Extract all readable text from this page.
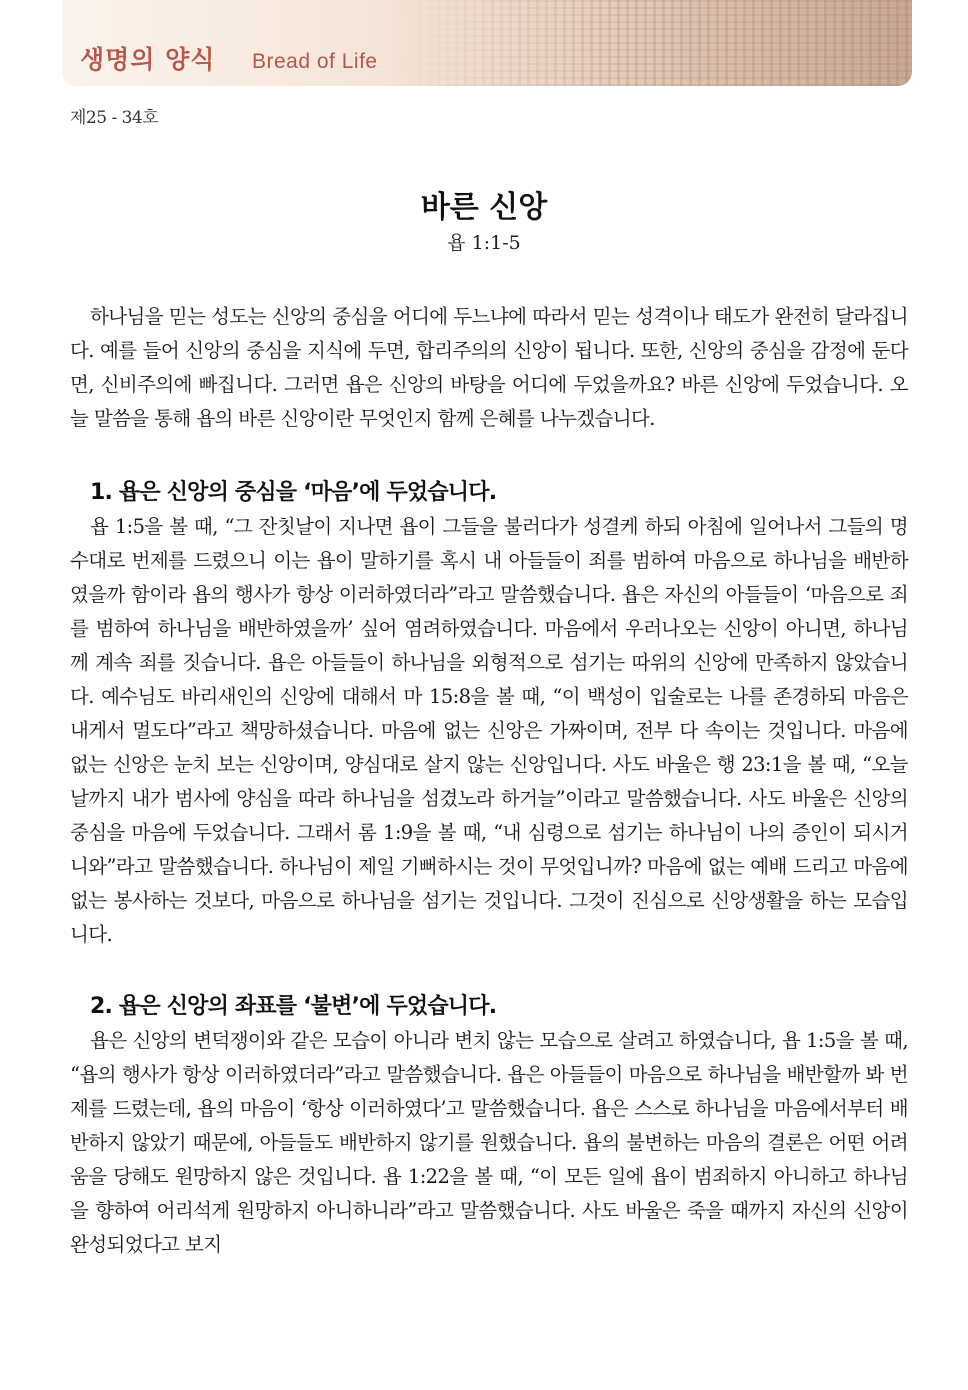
생명의 양식 Bread of Life
제25 - 34호
바른 신앙
욥 1:1-5

하나님을 믿는 성도는 신앙의 중심을 어디에 두느냐에 따라서 믿는 성격이나 태도가 완전히 달라집니다. 예를 들어 신앙의 중심을 지식에 두면, 합리주의의 신앙이 됩니다. 또한, 신앙의 중심을 감정에 둔다면, 신비주의에 빠집니다. 그러면 욥은 신앙의 바탕을 어디에 두었을까요? 바른 신앙에 두었습니다. 오늘 말씀을 통해 욥의 바른 신앙이란 무엇인지 함께 은혜를 나누겠습니다.

1. 욥은 신앙의 중심을 ‘마음’에 두었습니다.

욥 1:5을 볼 때, “그 잔칫날이 지나면 욥이 그들을 불러다가 성결케 하되 아침에 일어나서 그들의 명수대로 번제를 드렸으니 이는 욥이 말하기를 혹시 내 아들들이 죄를 범하여 마음으로 하나님을 배반하였을까 함이라 욥의 행사가 항상 이러하였더라”라고 말씀했습니다. 욥은 자신의 아들들이 ‘마음으로 죄를 범하여 하나님을 배반하였을까’ 싶어 염려하였습니다. 마음에서 우러나오는 신앙이 아니면, 하나님께 계속 죄를 짓습니다. 욥은 아들들이 하나님을 외형적으로 섬기는 따위의 신앙에 만족하지 않았습니다. 예수님도 바리새인의 신앙에 대해서 마 15:8을 볼 때, “이 백성이 입술로는 나를 존경하되 마음은 내게서 멀도다”라고 책망하셨습니다. 마음에 없는 신앙은 가짜이며, 전부 다 속이는 것입니다. 마음에 없는 신앙은 눈치 보는 신앙이며, 양심대로 살지 않는 신앙입니다. 사도 바울은 행 23:1을 볼 때, “오늘날까지 내가 범사에 양심을 따라 하나님을 섬겼노라 하거늘”이라고 말씀했습니다. 사도 바울은 신앙의 중심을 마음에 두었습니다. 그래서 롬 1:9을 볼 때, “내 심령으로 섬기는 하나님이 나의 증인이 되시거니와”라고 말씀했습니다. 하나님이 제일 기뻐하시는 것이 무엇입니까? 마음에 없는 예배 드리고 마음에 없는 봉사하는 것보다, 마음으로 하나님을 섬기는 것입니다. 그것이 진심으로 신앙생활을 하는 모습입니다.

2. 욥은 신앙의 좌표를 ‘불변’에 두었습니다.

욥은 신앙의 변덕쟁이와 같은 모습이 아니라 변치 않는 모습으로 살려고 하였습니다, 욥 1:5을 볼 때, “욥의 행사가 항상 이러하였더라”라고 말씀했습니다. 욥은 아들들이 마음으로 하나님을 배반할까 봐 번제를 드렸는데, 욥의 마음이 ‘항상 이러하였다’고 말씀했습니다. 욥은 스스로 하나님을 마음에서부터 배반하지 않았기 때문에, 아들들도 배반하지 않기를 원했습니다. 욥의 불변하는 마음의 결론은 어떤 어려움을 당해도 원망하지 않은 것입니다. 욥 1:22을 볼 때, “이 모든 일에 욥이 범죄하지 아니하고 하나님을 향하여 어리석게 원망하지 아니하니라”라고 말씀했습니다. 사도 바울은 죽을 때까지 자신의 신앙이 완성되었다고 보지
